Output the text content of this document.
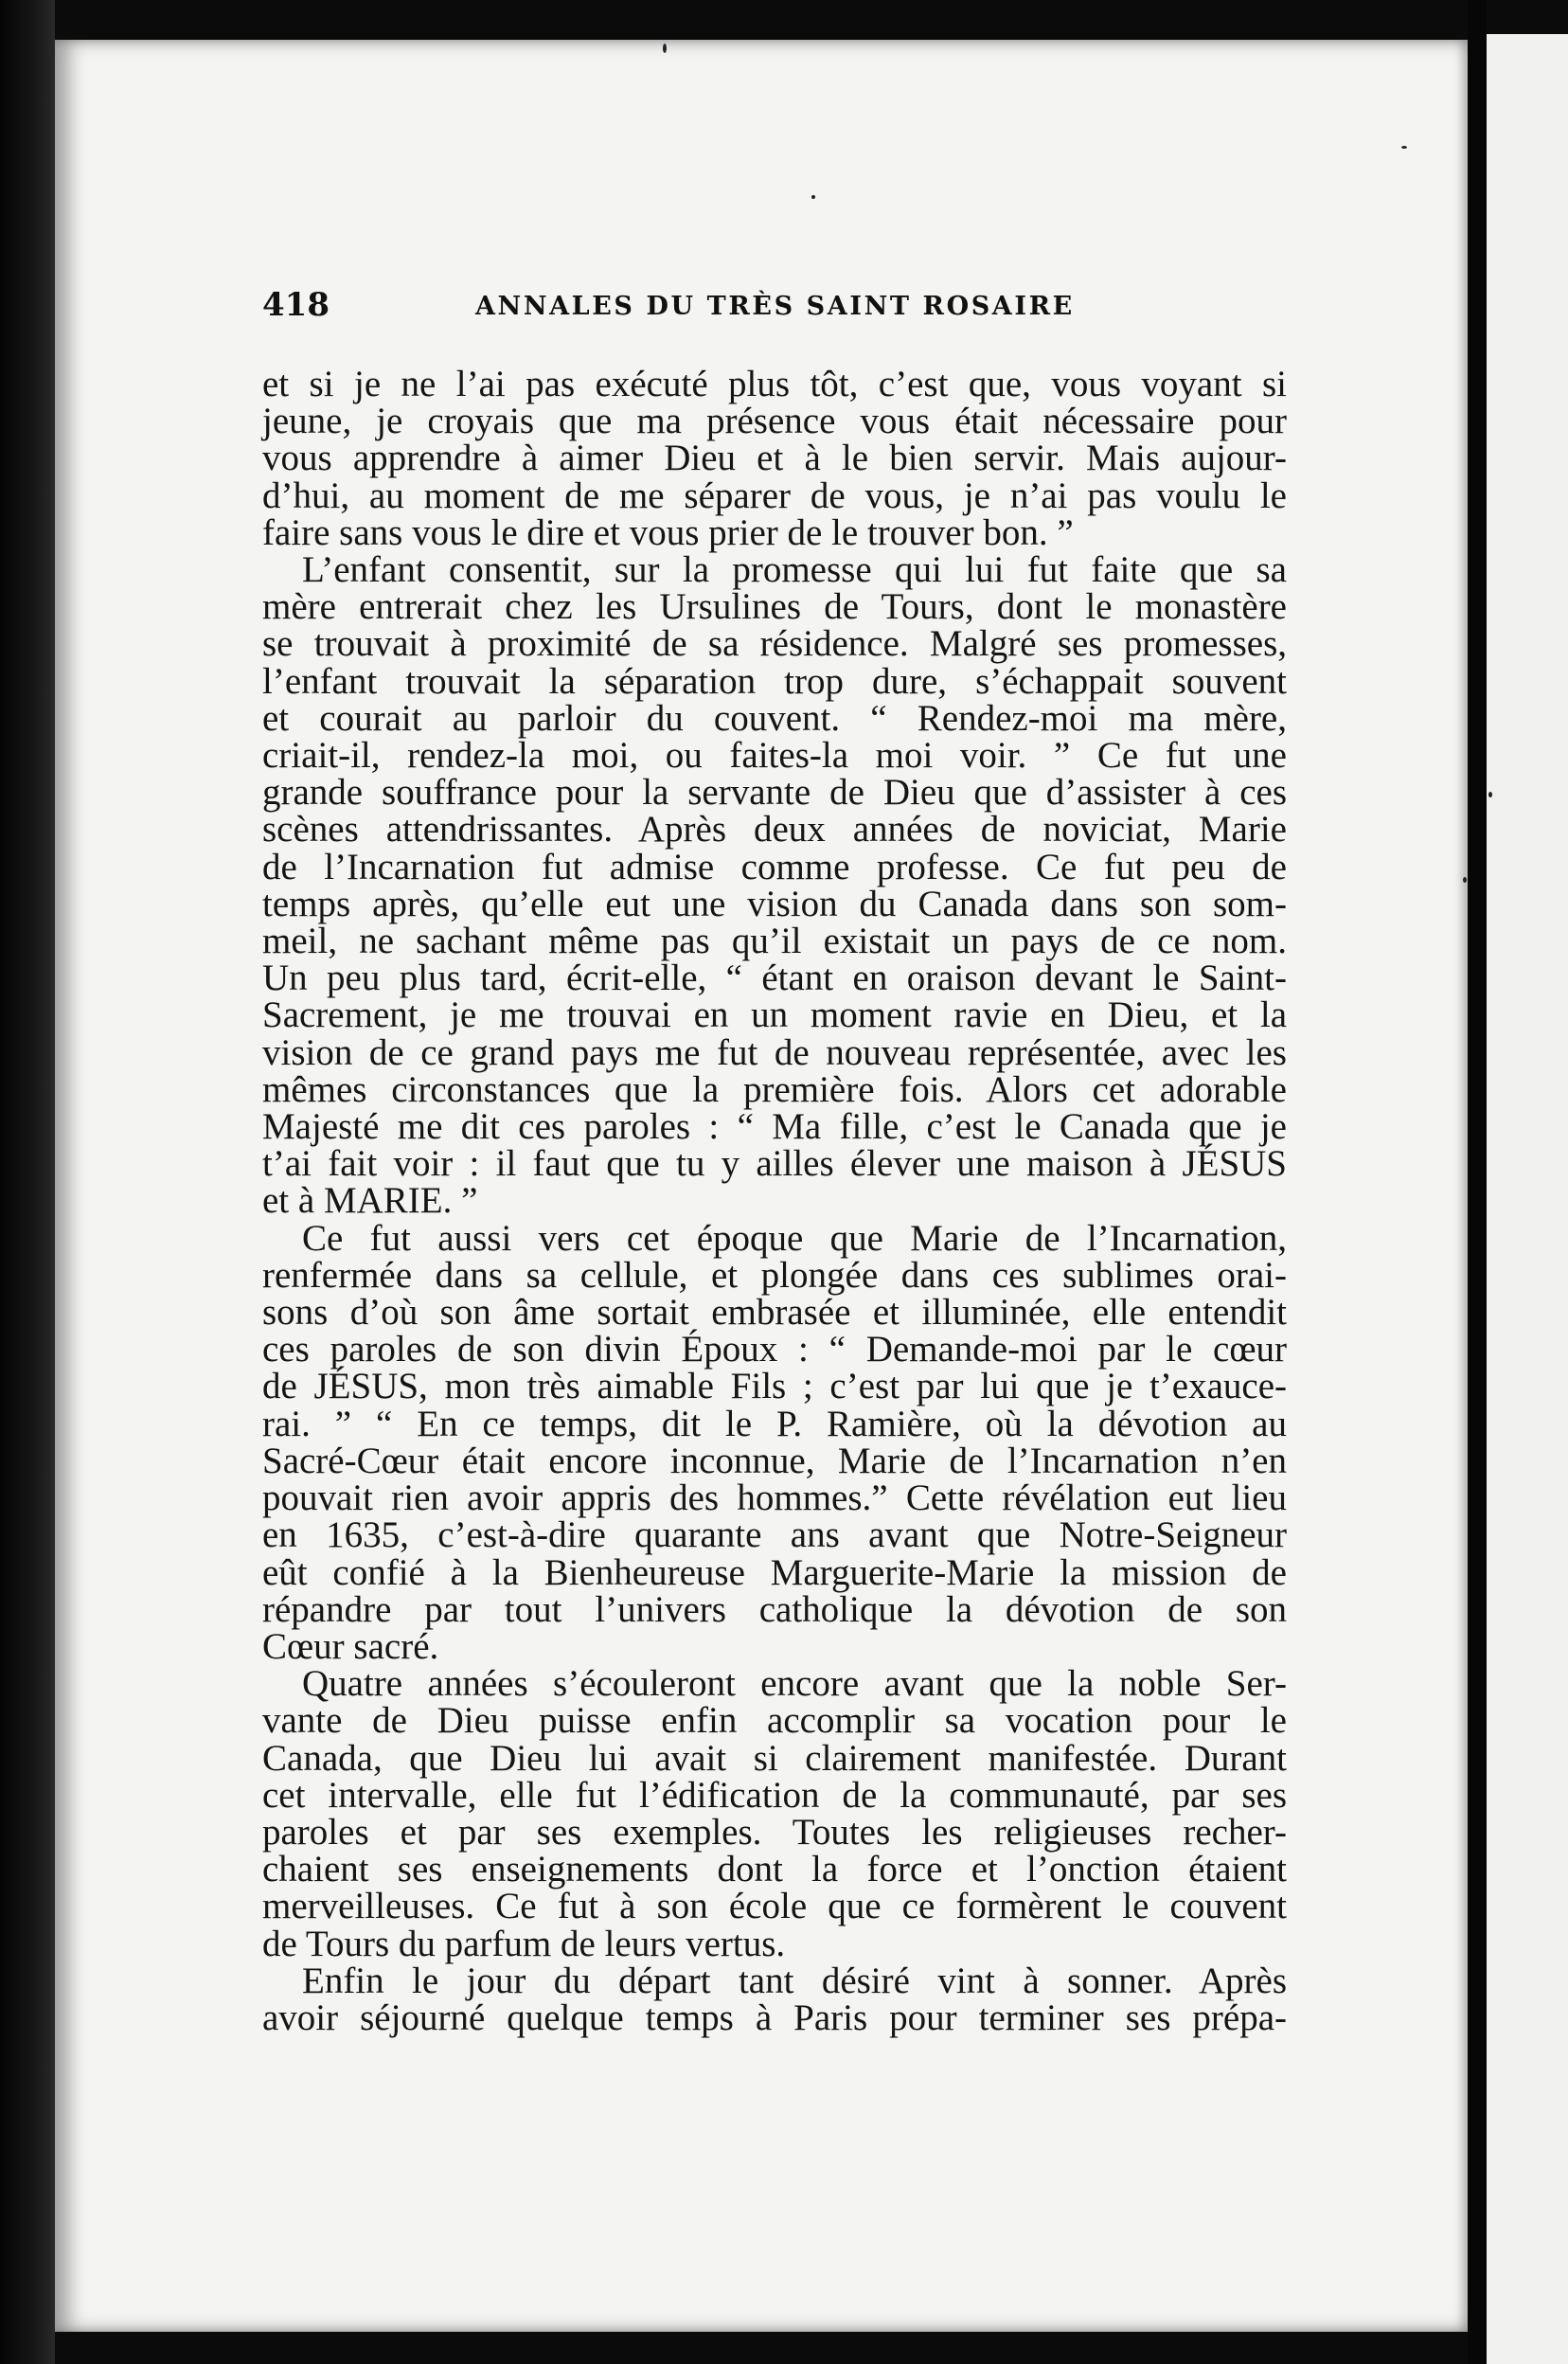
418	ANNALES DU TRÈS SAINT ROSAIRE
et si je ne l’ai pas exécuté plus tôt, c’est que, vous voyant si
jeune, je croyais que ma présence vous était nécessaire pour
vous apprendre à aimer Dieu et à le bien servir. Mais aujour-
d’hui, au moment de me séparer de vous, je n’ai pas voulu le
faire sans vous le dire et vous prier de le trouver bon. ”
L’enfant consentit, sur la promesse qui lui fut faite que sa
mère entrerait chez les Ursulines de Tours, dont le monastère
se trouvait à proximité de sa résidence. Malgré ses promesses,
l’enfant trouvait la séparation trop dure, s’échappait souvent
et courait au parloir du couvent. “ Rendez-moi ma mère,
criait-il, rendez-la moi, ou faites-la moi voir. ” Ce fut une
grande souffrance pour la servante de Dieu que d’assister à ces
scènes attendrissantes. Après deux années de noviciat, Marie
de l’Incarnation fut admise comme professe. Ce fut peu de
temps après, qu’elle eut une vision du Canada dans son som-
meil, ne sachant même pas qu’il existait un pays de ce nom.
Un peu plus tard, écrit-elle, “ étant en oraison devant le Saint-
Sacrement, je me trouvai en un moment ravie en Dieu, et la
vision de ce grand pays me fut de nouveau représentée, avec les
mêmes circonstances que la première fois. Alors cet adorable
Majesté me dit ces paroles : “ Ma fille, c’est le Canada que je
t’ai fait voir : il faut que tu y ailles élever une maison à JÉSUS
et à MARIE. ”
Ce fut aussi vers cet époque que Marie de l’Incarnation,
renfermée dans sa cellule, et plongée dans ces sublimes orai-
sons d’où son âme sortait embrasée et illuminée, elle entendit
ces paroles de son divin Époux : “ Demande-moi par le cœur
de JÉSUS, mon très aimable Fils ; c’est par lui que je t’exauce-
rai. ” “ En ce temps, dit le P. Ramière, où la dévotion au
Sacré-Cœur était encore inconnue, Marie de l’Incarnation n’en
pouvait rien avoir appris des hommes.” Cette révélation eut lieu
en 1635, c’est-à-dire quarante ans avant que Notre-Seigneur
eût confié à la Bienheureuse Marguerite-Marie la mission de
répandre par tout l’univers catholique la dévotion de son
Cœur sacré.
Quatre années s’écouleront encore avant que la noble Ser-
vante de Dieu puisse enfin accomplir sa vocation pour le
Canada, que Dieu lui avait si clairement manifestée. Durant
cet intervalle, elle fut l’édification de la communauté, par ses
paroles et par ses exemples. Toutes les religieuses recher-
chaient ses enseignements dont la force et l’onction étaient
merveilleuses. Ce fut à son école que ce formèrent le couvent
de Tours du parfum de leurs vertus.
Enfin le jour du départ tant désiré vint à sonner. Après
avoir séjourné quelque temps à Paris pour terminer ses prépa-
